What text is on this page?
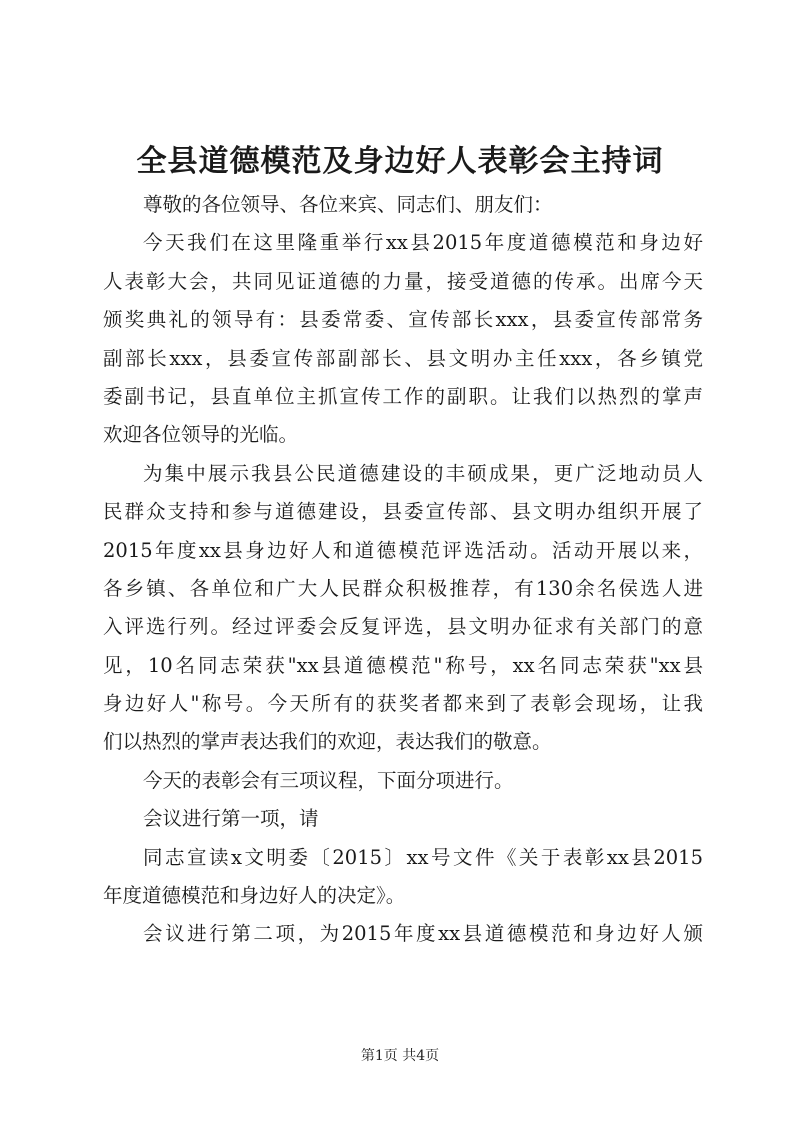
全县道德模范及身边好人表彰会主持词
尊敬的各位领导、各位来宾、同志们、朋友们：
今天我们在这里隆重举行xx县2015年度道德模范和身边好
人表彰大会，共同见证道德的力量，接受道德的传承。出席今天
颁奖典礼的领导有：县委常委、宣传部长xxx，县委宣传部常务
副部长xxx，县委宣传部副部长、县文明办主任xxx，各乡镇党
委副书记，县直单位主抓宣传工作的副职。让我们以热烈的掌声
欢迎各位领导的光临。
为集中展示我县公民道德建设的丰硕成果，更广泛地动员人
民群众支持和参与道德建设，县委宣传部、县文明办组织开展了
2015年度xx县身边好人和道德模范评选活动。活动开展以来，
各乡镇、各单位和广大人民群众积极推荐，有130余名侯选人进
入评选行列。经过评委会反复评选，县文明办征求有关部门的意
见，10名同志荣获"xx县道德模范"称号，xx名同志荣获"xx县
身边好人"称号。今天所有的获奖者都来到了表彰会现场，让我
们以热烈的掌声表达我们的欢迎，表达我们的敬意。
今天的表彰会有三项议程，下面分项进行。
会议进行第一项，请
同志宣读x文明委〔2015〕xx号文件《关于表彰xx县2015
年度道德模范和身边好人的决定》。
会议进行第二项，为2015年度xx县道德模范和身边好人颁
第1页 共4页
